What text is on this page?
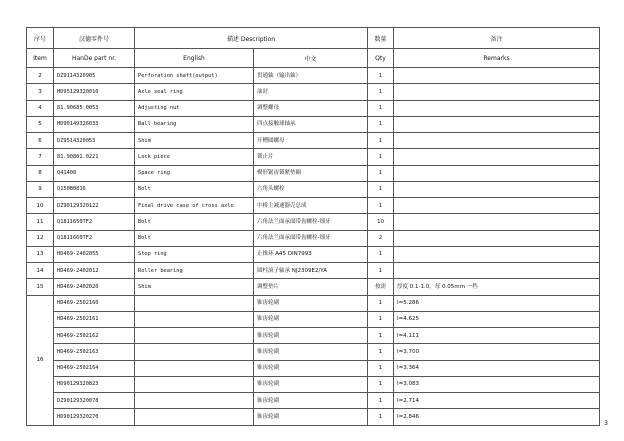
序号	汉德零件号	描述 Description		数量	备注
Item	HanDe part nr.	English	中文	Qty	Remarks
2	DZ9114320905	Perforation shaft(output)	贯通轴（输出轴）	1	
3	HD95129320010	Axle seal ring	油封	1	
4	81.90685.0053	Adjusting nut	调整螺母	1	
5	HD90149326033	Ball bearing	四点接触球轴承	1	
6	DZ9514320053	Shim	开槽圆螺母	1	
7	81.90801.0221	Lock piece	锁止片	1	
8	Q41408	Space ring	楔形锯齿锁紧垫圈	1	
9	Q150B0816	Bolt	六角头螺栓	1	
10	DZ90129320122	Final drive case of cross axle	中桥主减速器壳总成	1	
11	Q1811650TF2	Bolt	六角法兰面承面带齿螺栓-细牙	10	
12	Q1811660TF2	Bolt	六角法兰面承面带齿螺栓-细牙	2	
13	HD469-2402055	Stop ring	止推环 A45 DIN7993	1	
14	HD469-2402012	Roller bearing	圆柱滚子轴承 NJ2309E2/YA	1	
15	HD469-2402020	Shim	调整垫片	按需	厚度 0.1-1.0，每 0.05mm 一档
16	HD469-2502160		锥齿轮副	1	I=5.286
	HD469-2502161		锥齿轮副	1	I=4.625
	HD469-2502162		锥齿轮副	1	I=4.111
	HD469-2502163		锥齿轮副	1	I=3.700
	HD469-2502164		锥齿轮副	1	I=3.364
	HD90129320823		锥齿轮副	1	I=3.083
	DZ90129320078		锥齿轮副	1	I=2.714
	HD90129320270		锥齿轮副	1	I=2.846
3
